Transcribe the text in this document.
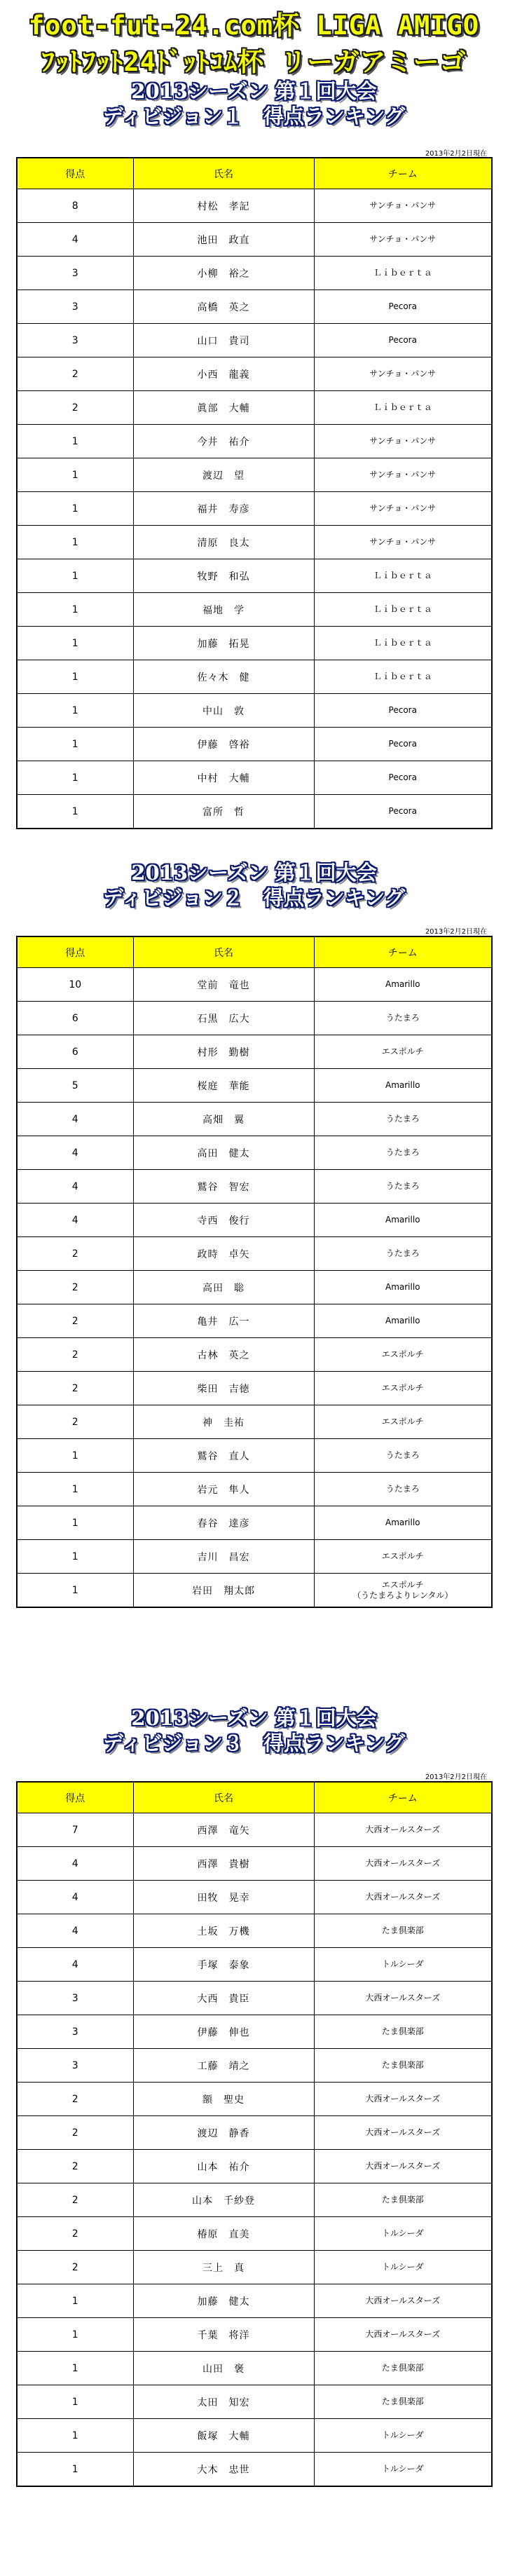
foot-fut-24.com杯 LIGA AMIGO
ﾌｯﾄﾌｯﾄ24ﾄﾞｯﾄｺﾑ杯 リーガアミーゴ
2013シーズン 第１回大会
ディビジョン１　得点ランキング
2013年2月2日現在
得点	氏名	チーム
8	村松　孝記	サンチョ・パンサ
4	池田　政直	サンチョ・パンサ
3	小柳　裕之	Ｌｉｂｅｒｔａ
3	高橋　英之	Pecora
3	山口　貴司	Pecora
2	小西　龍義	サンチョ・パンサ
2	眞部　大輔	Ｌｉｂｅｒｔａ
1	今井　祐介	サンチョ・パンサ
1	渡辺　望	サンチョ・パンサ
1	福井　寿彦	サンチョ・パンサ
1	清原　良太	サンチョ・パンサ
1	牧野　和弘	Ｌｉｂｅｒｔａ
1	福地　学	Ｌｉｂｅｒｔａ
1	加藤　拓晃	Ｌｉｂｅｒｔａ
1	佐々木　健	Ｌｉｂｅｒｔａ
1	中山　敦	Pecora
1	伊藤　啓裕	Pecora
1	中村　大輔	Pecora
1	富所　哲	Pecora
2013シーズン 第１回大会
ディビジョン２　得点ランキング
2013年2月2日現在
得点	氏名	チーム
10	堂前　竜也	Amarillo
6	石黒　広大	うたまろ
6	村形　勤樹	エスポルチ
5	桜庭　華能	Amarillo
4	高畑　翼	うたまろ
4	高田　健太	うたまろ
4	鷲谷　智宏	うたまろ
4	寺西　俊行	Amarillo
2	政時　卓矢	うたまろ
2	高田　聡	Amarillo
2	亀井　広一	Amarillo
2	古林　英之	エスポルチ
2	柴田　吉徳	エスポルチ
2	神　圭祐	エスポルチ
1	鷲谷　直人	うたまろ
1	岩元　隼人	うたまろ
1	春谷　達彦	Amarillo
1	吉川　昌宏	エスポルチ
1	岩田　翔太郎	エスポルチ
（うたまろよりレンタル）
2013シーズン 第１回大会
ディビジョン３　得点ランキング
2013年2月2日現在
得点	氏名	チーム
7	西澤　竜矢	大西オールスターズ
4	西澤　貴樹	大西オールスターズ
4	田牧　晃幸	大西オールスターズ
4	土坂　万機	たま倶楽部
4	手塚　泰象	トルシーダ
3	大西　貴臣	大西オールスターズ
3	伊藤　伸也	たま倶楽部
3	工藤　靖之	たま倶楽部
2	額　聖史	大西オールスターズ
2	渡辺　静香	大西オールスターズ
2	山本　祐介	大西オールスターズ
2	山本　千紗登	たま倶楽部
2	椿原　直美	トルシーダ
2	三上　真	トルシーダ
1	加藤　健太	大西オールスターズ
1	千葉　将洋	大西オールスターズ
1	山田　褒	たま倶楽部
1	太田　知宏	たま倶楽部
1	飯塚　大輔	トルシーダ
1	大木　忠世	トルシーダ
